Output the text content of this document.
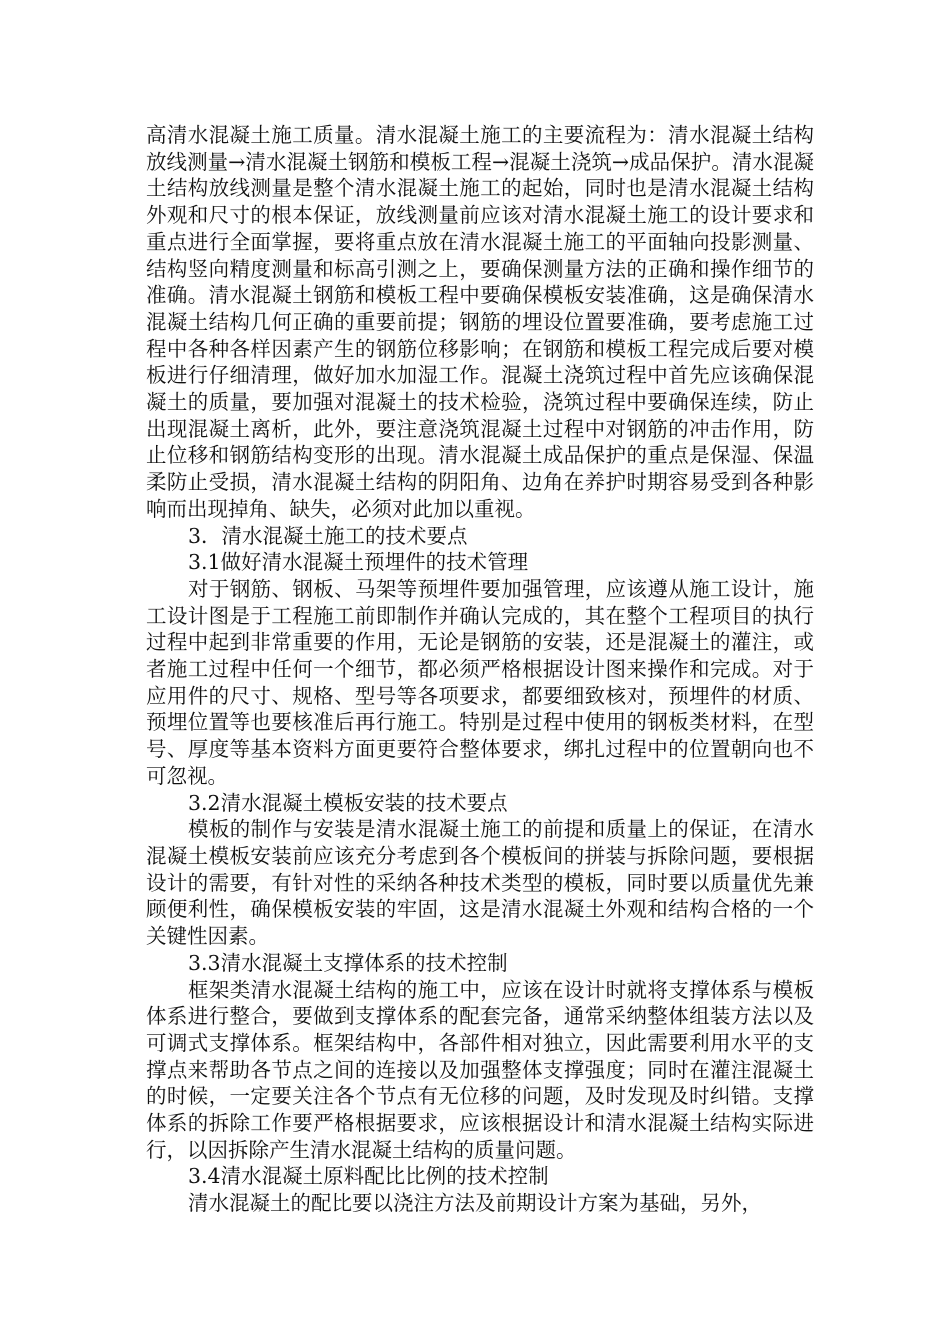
高清水混凝土施工质量。清水混凝土施工的主要流程为：清水混凝土结构放线测量→清水混凝土钢筋和模板工程→混凝土浇筑→成品保护。清水混凝土结构放线测量是整个清水混凝土施工的起始，同时也是清水混凝土结构外观和尺寸的根本保证，放线测量前应该对清水混凝土施工的设计要求和重点进行全面掌握，要将重点放在清水混凝土施工的平面轴向投影测量、结构竖向精度测量和标高引测之上，要确保测量方法的正确和操作细节的准确。清水混凝土钢筋和模板工程中要确保模板安装准确，这是确保清水混凝土结构几何正确的重要前提；钢筋的埋设位置要准确，要考虑施工过程中各种各样因素产生的钢筋位移影响；在钢筋和模板工程完成后要对模板进行仔细清理，做好加水加湿工作。混凝土浇筑过程中首先应该确保混凝土的质量，要加强对混凝土的技术检验，浇筑过程中要确保连续，防止出现混凝土离析，此外，要注意浇筑混凝土过程中对钢筋的冲击作用，防止位移和钢筋结构变形的出现。清水混凝土成品保护的重点是保湿、保温柔防止受损，清水混凝土结构的阴阳角、边角在养护时期容易受到各种影响而出现掉角、缺失，必须对此加以重视。

3．清水混凝土施工的技术要点

3.1做好清水混凝土预埋件的技术管理

对于钢筋、钢板、马架等预埋件要加强管理，应该遵从施工设计，施工设计图是于工程施工前即制作并确认完成的，其在整个工程项目的执行过程中起到非常重要的作用，无论是钢筋的安装，还是混凝土的灌注，或者施工过程中任何一个细节，都必须严格根据设计图来操作和完成。对于应用件的尺寸、规格、型号等各项要求，都要细致核对，预埋件的材质、预埋位置等也要核准后再行施工。特别是过程中使用的钢板类材料，在型号、厚度等基本资料方面更要符合整体要求，绑扎过程中的位置朝向也不可忽视。

3.2清水混凝土模板安装的技术要点

模板的制作与安装是清水混凝土施工的前提和质量上的保证，在清水混凝土模板安装前应该充分考虑到各个模板间的拼装与拆除问题，要根据设计的需要，有针对性的采纳各种技术类型的模板，同时要以质量优先兼顾便利性，确保模板安装的牢固，这是清水混凝土外观和结构合格的一个关键性因素。

3.3清水混凝土支撑体系的技术控制

框架类清水混凝土结构的施工中，应该在设计时就将支撑体系与模板体系进行整合，要做到支撑体系的配套完备，通常采纳整体组装方法以及可调式支撑体系。框架结构中，各部件相对独立，因此需要利用水平的支撑点来帮助各节点之间的连接以及加强整体支撑强度；同时在灌注混凝土的时候，一定要关注各个节点有无位移的问题，及时发现及时纠错。支撑体系的拆除工作要严格根据要求，应该根据设计和清水混凝土结构实际进行，以因拆除产生清水混凝土结构的质量问题。

3.4清水混凝土原料配比比例的技术控制

清水混凝土的配比要以浇注方法及前期设计方案为基础，另外，
